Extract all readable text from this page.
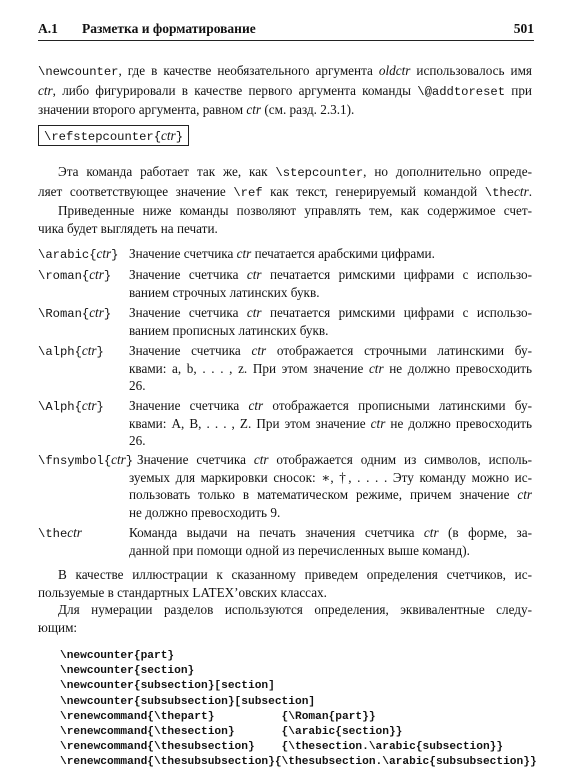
A.1 Разметка и форматирование	501
\newcounter, где в качестве необязательного аргумента oldctr использовалось имя
ctr, либо фигурировали в качестве первого аргумента команды \@addtoreset при
значении второго аргумента, равном ctr (см. разд. 2.3.1).
\refstepcounter{ctr}
Эта команда работает так же, как \stepcounter, но дополнительно опреде-
ляет соответствующее значение \ref как текст, генерируемый командой \thectr.
Приведенные ниже команды позволяют управлять тем, как содержимое счет-
чика будет выглядеть на печати.
\arabic{ctr} Значение счетчика ctr печатается арабскими цифрами.
\roman{ctr} Значение счетчика ctr печатается римскими цифрами с использо-
ванием строчных латинских букв.
\Roman{ctr} Значение счетчика ctr печатается римскими цифрами с использо-
ванием прописных латинских букв.
\alph{ctr} Значение счетчика ctr отображается строчными латинскими бу-
квами: a, b, . . . , z. При этом значение ctr не должно превосходить
26.
\Alph{ctr} Значение счетчика ctr отображается прописными латинскими бу-
квами: A, B, . . . , Z. При этом значение ctr не должно превосходить
26.
\fnsymbol{ctr} Значение счетчика ctr отображается одним из символов, исполь-
зуемых для маркировки сносок: ∗, †, . . . . Эту команду можно ис-
пользовать только в математическом режиме, причем значение ctr
не должно превосходить 9.
\thectr	Команда выдачи на печать значения счетчика ctr (в форме, за-
данной при помощи одной из перечисленных выше команд).
В качестве иллюстрации к сказанному приведем определения счетчиков, ис-
пользуемые в стандартных LATEX’овских классах.
Для нумерации разделов используются определения, эквивалентные следу-
ющим:
\newcounter{part}
\newcounter{section}
\newcounter{subsection}[section]
\newcounter{subsubsection}[subsection]
\renewcommand{\thepart}          {\Roman{part}}
\renewcommand{\thesection}       {\arabic{section}}
\renewcommand{\thesubsection}    {\thesection.\arabic{subsection}}
\renewcommand{\thesubsubsection}{\thesubsection.\arabic{subsubsection}}
